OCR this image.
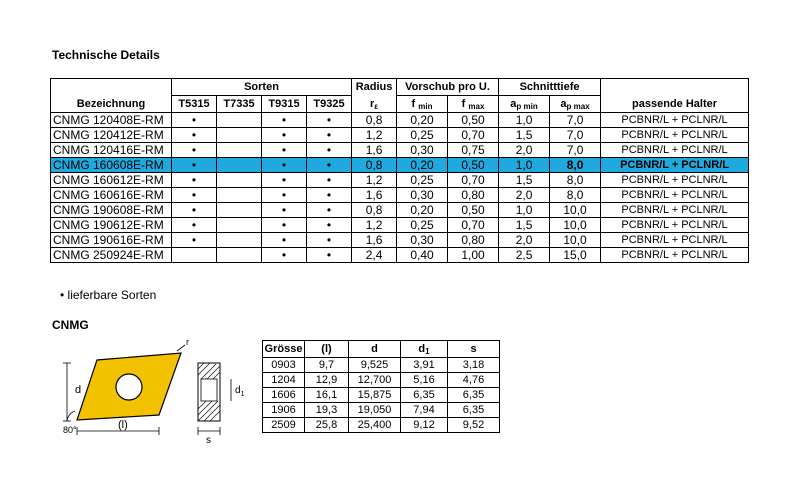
Technische Details
	Sorten				Radius	Vorschub pro U.		Schnitttiefe		
Bezeichnung	T5315	T7335	T9315	T9325	$r_\varepsilon$	f $_{min}$	f $_{max}$	$a_{p min}$	$a_{p max}$	passende Halter
CNMG 120408E-RM	•		•	•	0,8	0,20	0,50	1,0	7,0	PCBNR/L + PCLNR/L
CNMG 120412E-RM	•		•	•	1,2	0,25	0,70	1,5	7,0	PCBNR/L + PCLNR/L
CNMG 120416E-RM	•		•	•	1,6	0,30	0,75	2,0	7,0	PCBNR/L + PCLNR/L
CNMG 160608E-RM	•		•	•	0,8	0,20	0,50	1,0	8,0	PCBNR/L + PCLNR/L
CNMG 160612E-RM	•		•	•	1,2	0,25	0,70	1,5	8,0	PCBNR/L + PCLNR/L
CNMG 160616E-RM	•		•	•	1,6	0,30	0,80	2,0	8,0	PCBNR/L + PCLNR/L
CNMG 190608E-RM	•		•	•	0,8	0,20	0,50	1,0	10,0	PCBNR/L + PCLNR/L
CNMG 190612E-RM	•		•	•	1,2	0,25	0,70	1,5	10,0	PCBNR/L + PCLNR/L
CNMG 190616E-RM	•		•	•	1,6	0,30	0,80	2,0	10,0	PCBNR/L + PCLNR/L
CNMG 250924E-RM			•	•	2,4	0,40	1,00	2,5	15,0	PCBNR/L + PCLNR/L
• lieferbare Sorten
CNMG
d
(l)
80°
r
$d_1$
s
Grösse	(l)	d	$d_1$	s
0903	9,7	9,525	3,91	3,18
1204	12,9	12,700	5,16	4,76
1606	16,1	15,875	6,35	6,35
1906	19,3	19,050	7,94	6,35
2509	25,8	25,400	9,12	9,52
